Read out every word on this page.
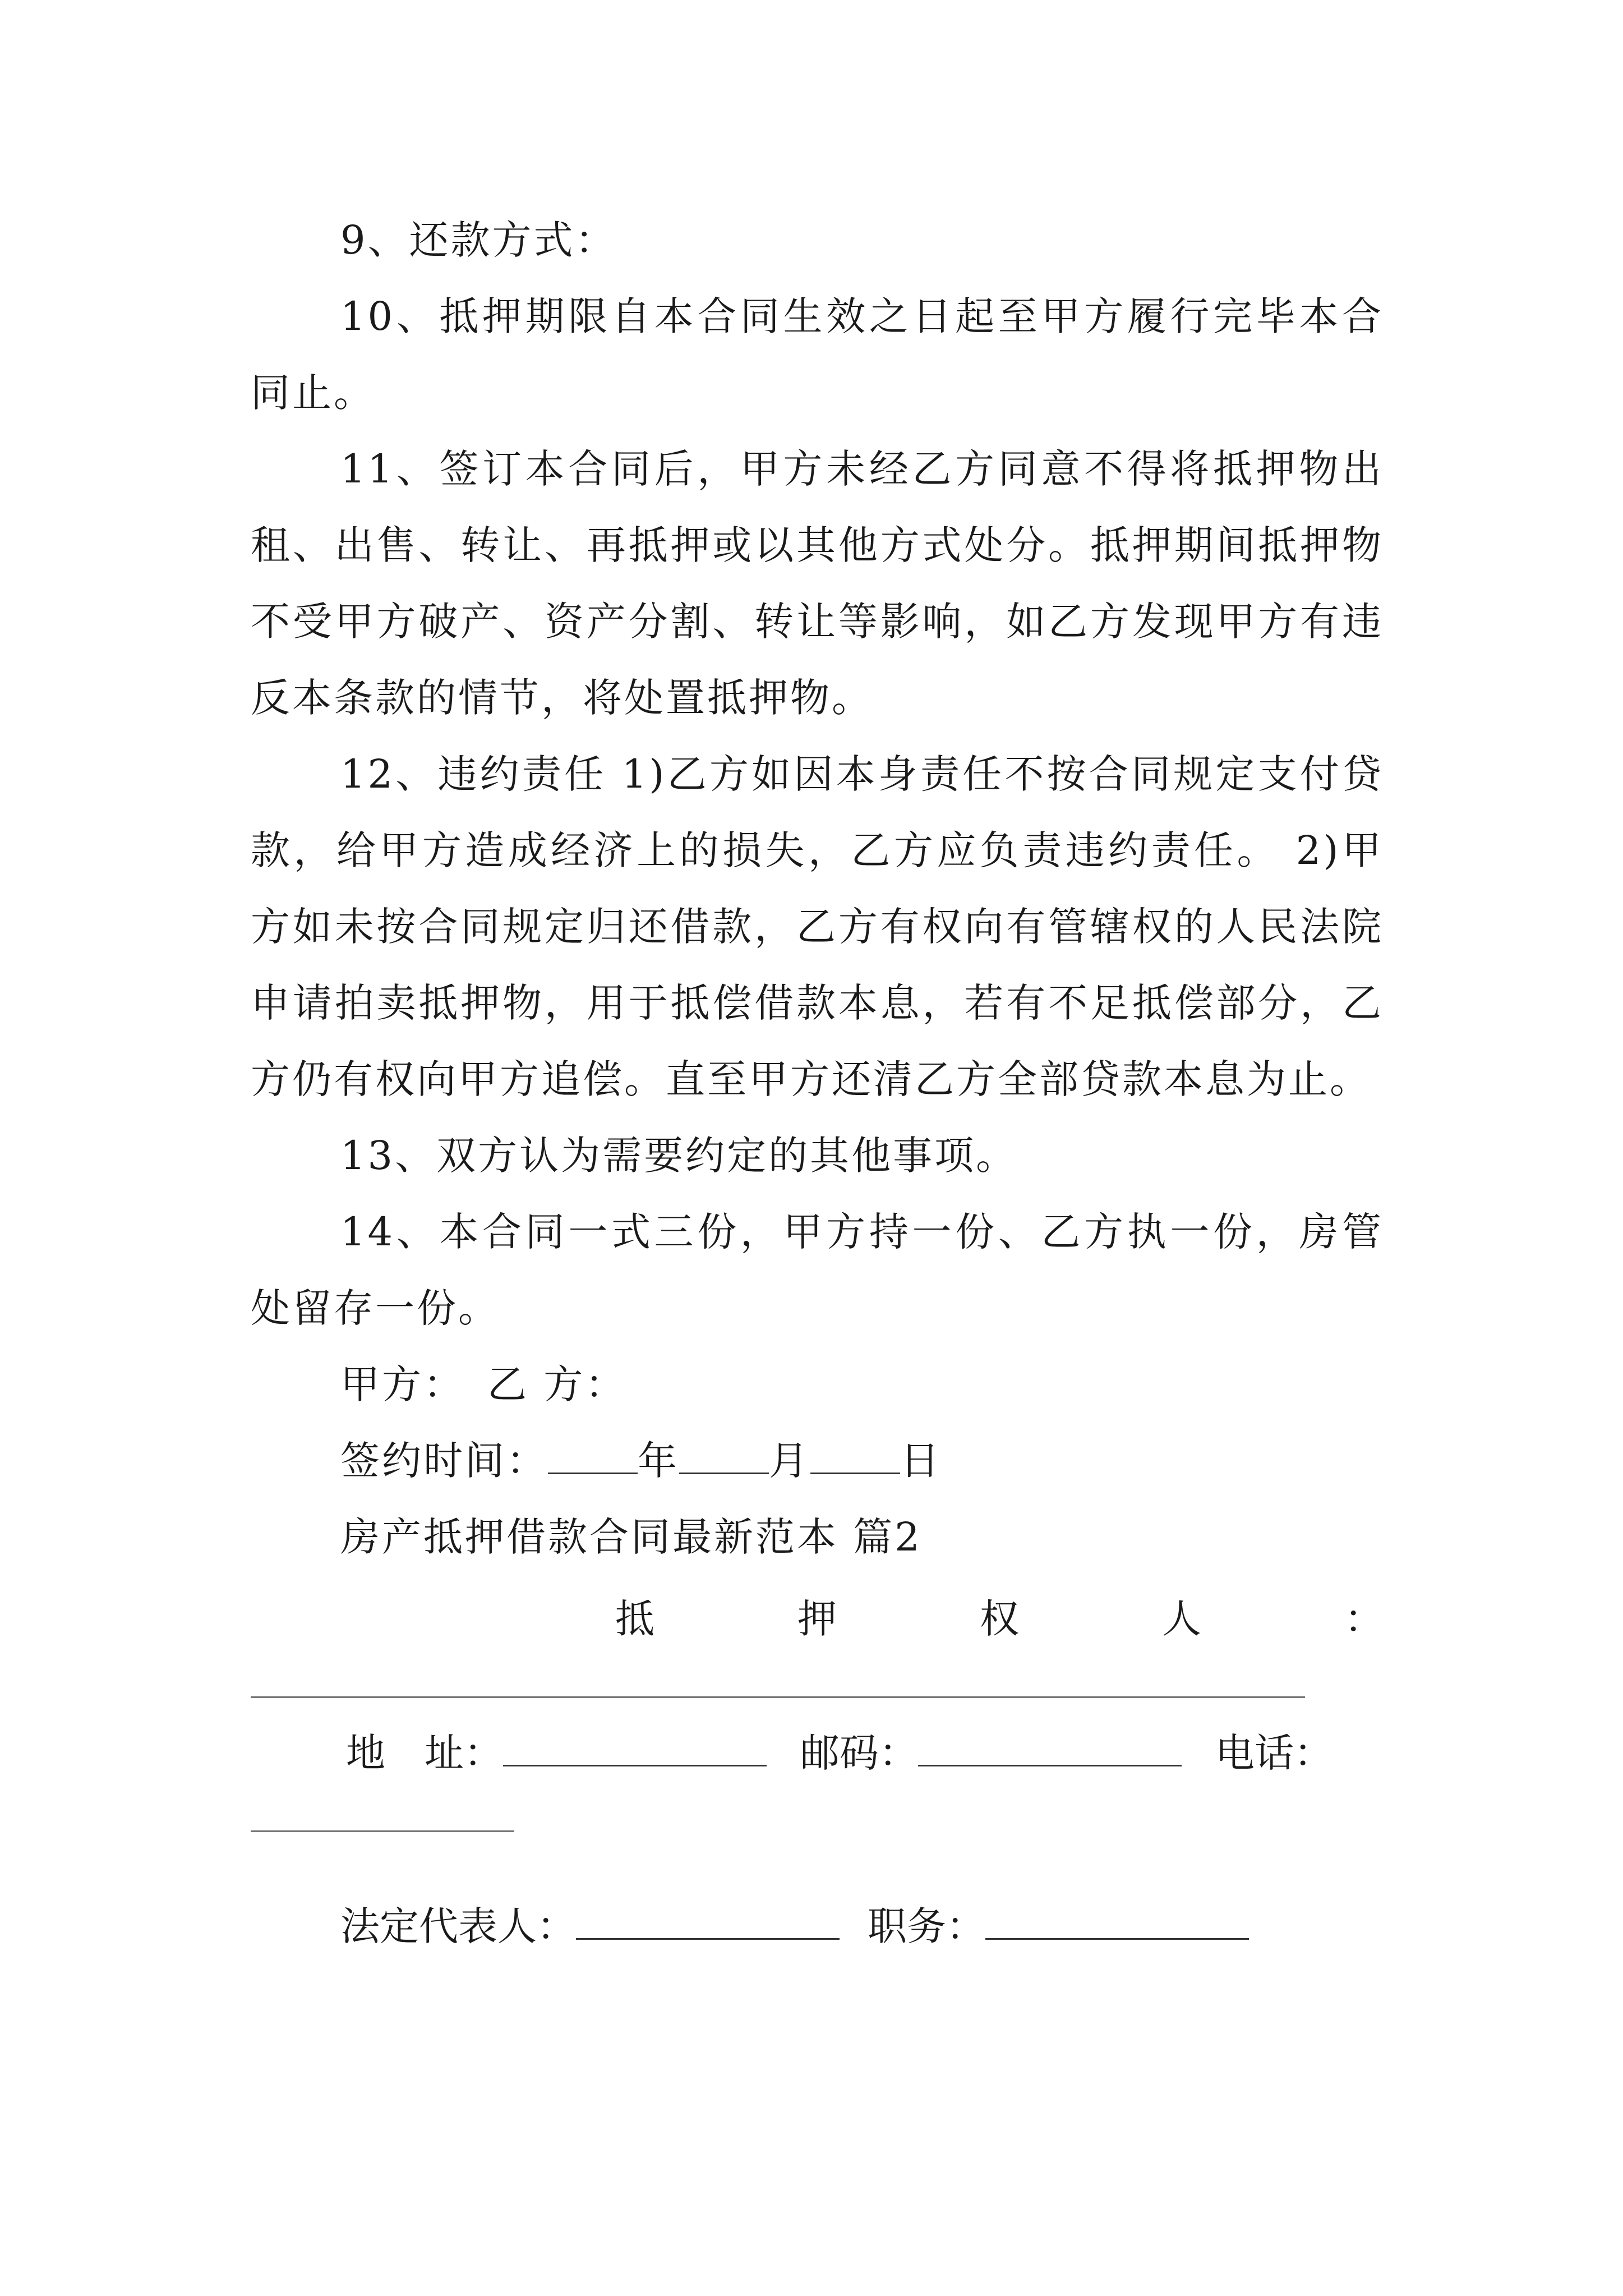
9、还款方式：

10、抵押期限自本合同生效之日起至甲方履行完毕本合同止。

11、签订本合同后，甲方未经乙方同意不得将抵押物出租、出售、转让、再抵押或以其他方式处分。抵押期间抵押物不受甲方破产、资产分割、转让等影响，如乙方发现甲方有违反本条款的情节，将处置抵押物。

12、违约责任 1)乙方如因本身责任不按合同规定支付贷款，给甲方造成经济上的损失，乙方应负责违约责任。 2)甲方如未按合同规定归还借款，乙方有权向有管辖权的人民法院申请拍卖抵押物，用于抵偿借款本息，若有不足抵偿部分，乙方仍有权向甲方追偿。直至甲方还清乙方全部贷款本息为止。

13、双方认为需要约定的其他事项。

14、本合同一式三份，甲方持一份、乙方执一份，房管处留存一份。

甲方： 乙 方：

签约时间： 年 月 日

房产抵押借款合同最新范本 篇2

抵	押	权	人	：
地　址：	邮码：	电话：
法定代表人：	职务：
